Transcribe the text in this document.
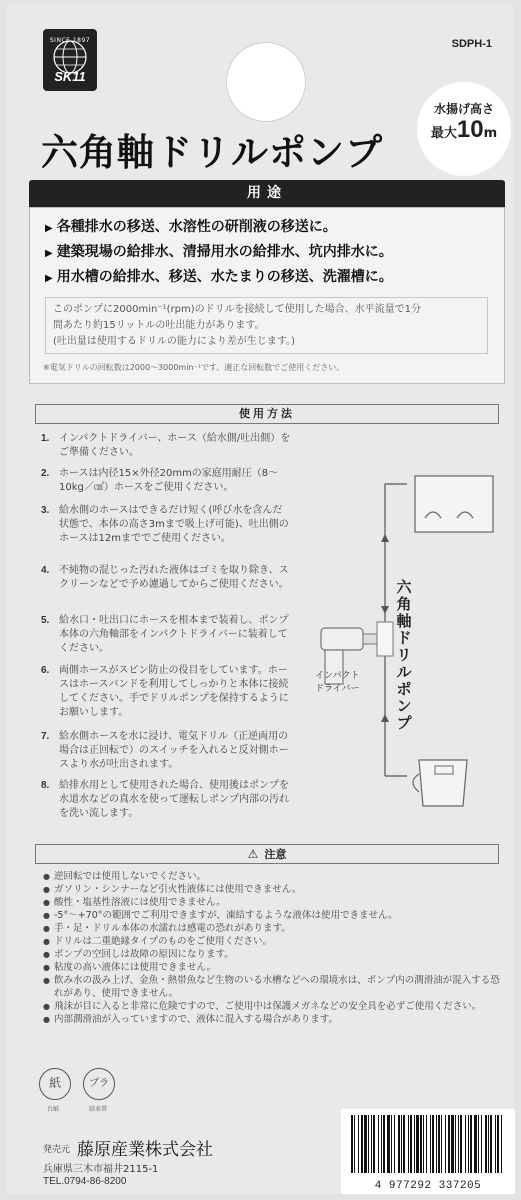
SINCE 1897
SK11
SDPH-1
六角軸ドリルポンプ
水揚げ高さ
最大10m
用途
▶ 各種排水の移送、水溶性の研削液の移送に。
▶ 建築現場の給排水、清掃用水の給排水、坑内排水に。
▶ 用水槽の給排水、移送、水たまりの移送、洗濯槽に。
このポンプに2000min⁻¹(rpm)のドリルを接続して使用した場合、水平流量で1分
間あたり約15リットルの吐出能力があります。
(吐出量は使用するドリルの能力により差が生じます。)
※電気ドリルの回転数は2000～3000min⁻¹です。適正な回転数でご使用ください。
使用方法
1. インパクトドライバー、ホース（給水側/吐出側）をご準備ください。
2. ホースは内径15×外径20mmの家庭用耐圧（8〜10kg／㎠）ホースをご使用ください。
3. 給水側のホースはできるだけ短く(呼び水を含んだ状態で、本体の高さ3mまで吸上げ可能)、吐出側のホースは12mまででご使用ください。
4. 不純物の混じった汚れた液体はゴミを取り除き、スクリーンなどで予め濾過してからご使用ください。
5. 給水口・吐出口にホースを根本まで装着し、ポンプ本体の六角軸部をインパクトドライバーに装着してください。
6. 両側ホースがスピン防止の役目をしています。ホースはホースバンドを利用してしっかりと本体に接続してください。手でドリルポンプを保持するようにお願いします。
7. 給水側ホースを水に浸け、電気ドリル（正逆両用の場合は正回転で）のスイッチを入れると反対側ホースより水が吐出されます。
8. 給排水用として使用された場合、使用後はポンプを水道水などの真水を使って運転しポンプ内部の汚れを洗い流します。
六角軸ドリルポンプ
インパクト
ドライバー
⚠ 注意
● 逆回転では使用しないでください。
● ガソリン・シンナーなど引火性液体には使用できません。
● 酸性・塩基性溶液には使用できません。
● -5°〜+70°の範囲でご利用できますが、凍結するような液体は使用できません。
● 手・足・ドリル本体の水濡れは感電の恐れがあります。
● ドリルは二重絶縁タイプのものをご使用ください。
● ポンプの空回しは故障の原因になります。
● 粘度の高い液体には使用できません。
● 飲み水の汲み上げ、金魚・熱帯魚など生物のいる水槽などへの環境水は、ポンプ内の潤滑油が混入する恐れがあり、使用できません。
● 飛沫が目に入ると非常に危険ですので、ご使用中は保護メガネなどの安全具を必ずご使用ください。
● 内部潤滑油が入っていますので、液体に混入する場合があります。
紙
台紙
プラ
結束帯
発売元 藤原産業株式会社
兵庫県三木市福井2115-1
TEL.0794-86-8200	4 977292 337205
